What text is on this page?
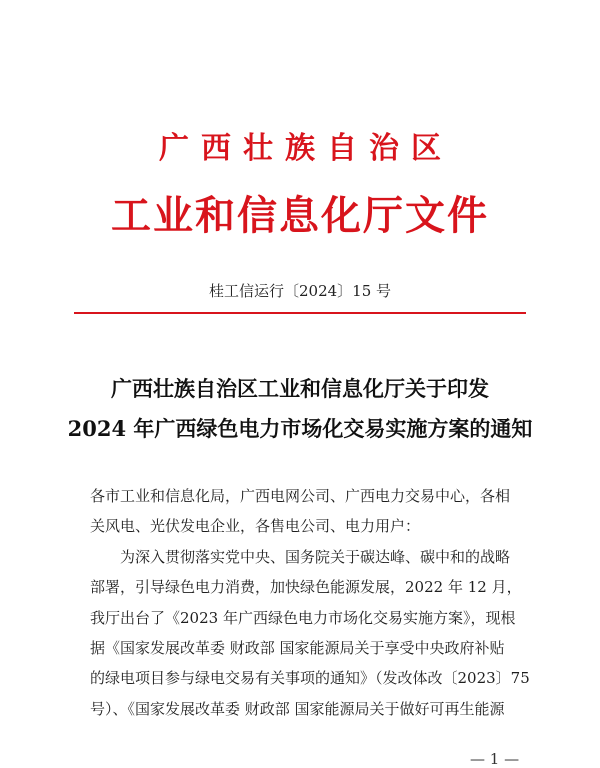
广西壮族自治区
工业和信息化厅文件
桂工信运行〔2024〕15 号
广西壮族自治区工业和信息化厅关于印发
2024 年广西绿色电力市场化交易实施方案的通知
各市工业和信息化局，广西电网公司、广西电力交易中心，各相
关风电、光伏发电企业，各售电公司、电力用户：
为深入贯彻落实党中央、国务院关于碳达峰、碳中和的战略
部署，引导绿色电力消费，加快绿色能源发展，2022 年 12 月，
我厅出台了《2023 年广西绿色电力市场化交易实施方案》，现根
据《国家发展改革委 财政部 国家能源局关于享受中央政府补贴
的绿电项目参与绿电交易有关事项的通知》（发改体改〔2023〕75
号）、《国家发展改革委 财政部 国家能源局关于做好可再生能源
— 1 —
